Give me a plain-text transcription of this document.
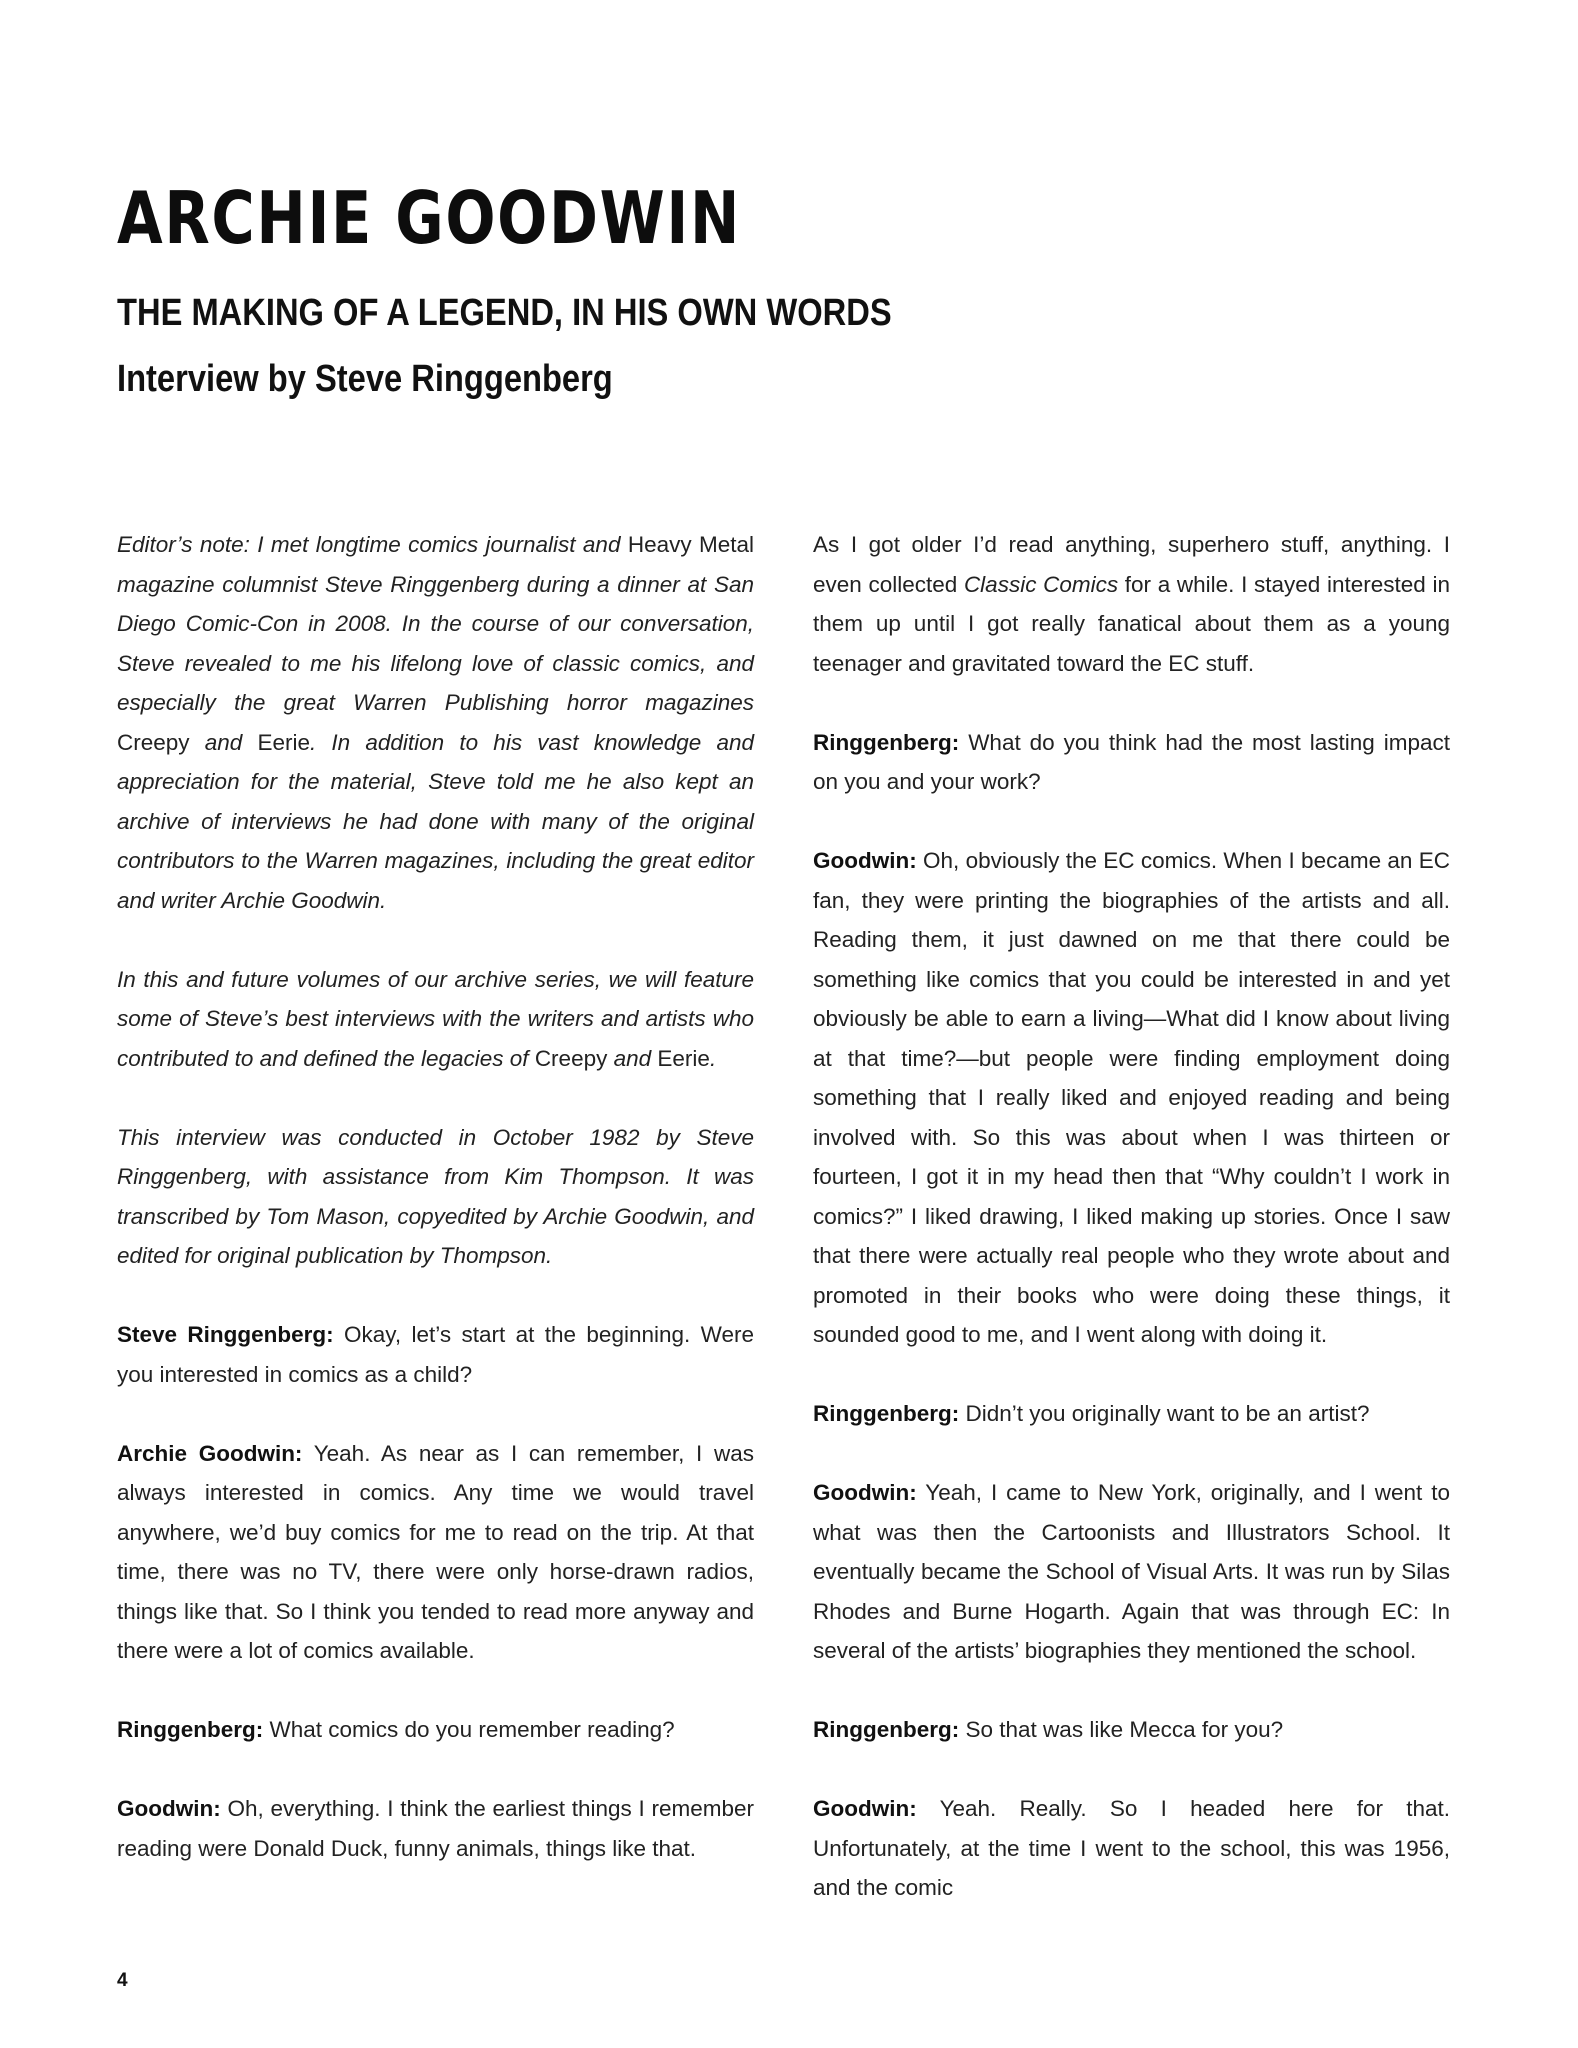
ARCHIE GOODWIN
THE MAKING OF A LEGEND, IN HIS OWN WORDS
Interview by Steve Ringgenberg

Editor’s note: I met longtime comics journalist and Heavy Metal magazine columnist Steve Ringgenberg during a dinner at San Diego Comic-Con in 2008. In the course of our conversation, Steve revealed to me his lifelong love of classic comics, and especially the great Warren Publishing horror magazines Creepy and Eerie. In addition to his vast knowledge and appreciation for the material, Steve told me he also kept an archive of interviews he had done with many of the original contributors to the Warren magazines, including the great editor and writer Archie Goodwin.

In this and future volumes of our archive series, we will feature some of Steve’s best interviews with the writers and artists who contributed to and defined the legacies of Creepy and Eerie.

This interview was conducted in October 1982 by Steve Ringgenberg, with assistance from Kim Thompson. It was transcribed by Tom Mason, copyedited by Archie Goodwin, and edited for original publication by Thompson.

Steve Ringgenberg: Okay, let’s start at the beginning. Were you interested in comics as a child?

Archie Goodwin: Yeah. As near as I can remember, I was always interested in comics. Any time we would travel anywhere, we’d buy comics for me to read on the trip. At that time, there was no TV, there were only horse-drawn radios, things like that. So I think you tended to read more anyway and there were a lot of comics available.

Ringgenberg: What comics do you remember reading?

Goodwin: Oh, everything. I think the earliest things I remember reading were Donald Duck, funny animals, things like that.

As I got older I’d read anything, superhero stuff, anything. I even collected Classic Comics for a while. I stayed interested in them up until I got really fanatical about them as a young teenager and gravitated toward the EC stuff.

Ringgenberg: What do you think had the most lasting impact on you and your work?

Goodwin: Oh, obviously the EC comics. When I became an EC fan, they were printing the biographies of the artists and all. Reading them, it just dawned on me that there could be something like comics that you could be interested in and yet obviously be able to earn a living—What did I know about living at that time?—but people were finding employment doing something that I really liked and enjoyed reading and being involved with. So this was about when I was thirteen or fourteen, I got it in my head then that “Why couldn’t I work in comics?” I liked drawing, I liked making up stories. Once I saw that there were actually real people who they wrote about and promoted in their books who were doing these things, it sounded good to me, and I went along with doing it.

Ringgenberg: Didn’t you originally want to be an artist?

Goodwin: Yeah, I came to New York, originally, and I went to what was then the Cartoonists and Illustrators School. It eventually became the School of Visual Arts. It was run by Silas Rhodes and Burne Hogarth. Again that was through EC: In several of the artists’ biographies they mentioned the school.

Ringgenberg: So that was like Mecca for you?

Goodwin: Yeah. Really. So I headed here for that. Unfortunately, at the time I went to the school, this was 1956, and the comic

4
